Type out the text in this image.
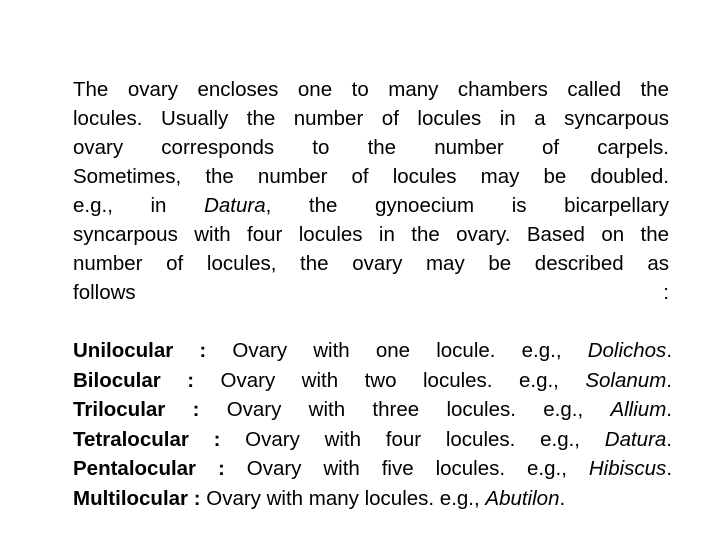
The ovary encloses one to many chambers called the
locules. Usually the number of locules in a syncarpous
ovary corresponds to the number of carpels.
Sometimes, the number of locules may be doubled.
e.g., in Datura, the gynoecium is bicarpellary
syncarpous with four locules in the ovary. Based on the
number of locules, the ovary may be described as
follows	:
Unilocular : Ovary with one locule. e.g., Dolichos.
Bilocular : Ovary with two locules. e.g., Solanum.
Trilocular : Ovary with three locules. e.g., Allium.
Tetralocular : Ovary with four locules. e.g., Datura.
Pentalocular : Ovary with five locules. e.g., Hibiscus.
Multilocular : Ovary with many locules. e.g., Abutilon.
